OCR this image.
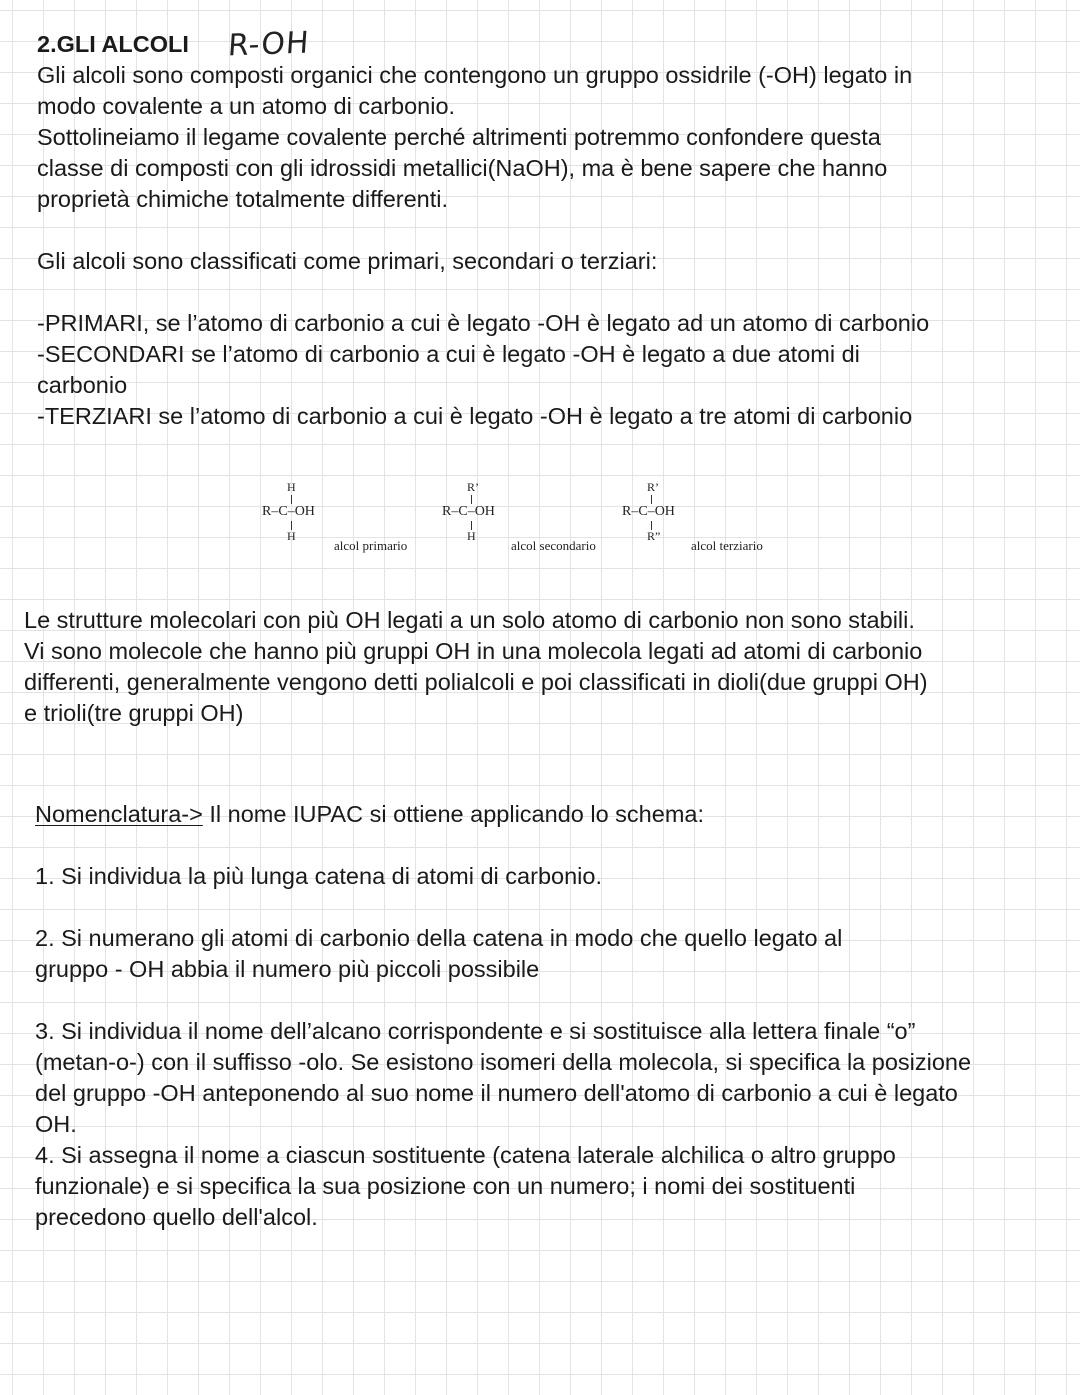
2.GLI ALCOLI R-OH
Gli alcoli sono composti organici che contengono un gruppo ossidrile (-OH) legato in
modo covalente a un atomo di carbonio.
Sottolineiamo il legame covalente perché altrimenti potremmo confondere questa
classe di composti con gli idrossidi metallici(NaOH), ma è bene sapere che hanno
proprietà chimiche totalmente differenti.
Gli alcoli sono classificati come primari, secondari o terziari:
-PRIMARI, se l’atomo di carbonio a cui è legato -OH è legato ad un atomo di carbonio
-SECONDARI se l’atomo di carbonio a cui è legato -OH è legato a due atomi di
carbonio
-TERZIARI se l’atomo di carbonio a cui è legato -OH è legato a tre atomi di carbonio
H
R–C–OH
H
alcol primario
R’
R–C–OH
H
alcol secondario
R’
R–C–OH
R”
alcol terziario
Le strutture molecolari con più OH legati a un solo atomo di carbonio non sono stabili.
Vi sono molecole che hanno più gruppi OH in una molecola legati ad atomi di carbonio
differenti, generalmente vengono detti polialcoli e poi classificati in dioli(due gruppi OH)
e trioli(tre gruppi OH)
Nomenclatura-> Il nome IUPAC si ottiene applicando lo schema:
1. Si individua la più lunga catena di atomi di carbonio.
2. Si numerano gli atomi di carbonio della catena in modo che quello legato al
gruppo - OH abbia il numero più piccoli possibile
3. Si individua il nome dell’alcano corrispondente e si sostituisce alla lettera finale “o”
(metan-o-) con il suffisso -olo. Se esistono isomeri della molecola, si specifica la posizione
del gruppo -OH anteponendo al suo nome il numero dell'atomo di carbonio a cui è legato
OH.
4. Si assegna il nome a ciascun sostituente (catena laterale alchilica o altro gruppo
funzionale) e si specifica la sua posizione con un numero; i nomi dei sostituenti
precedono quello dell'alcol.
